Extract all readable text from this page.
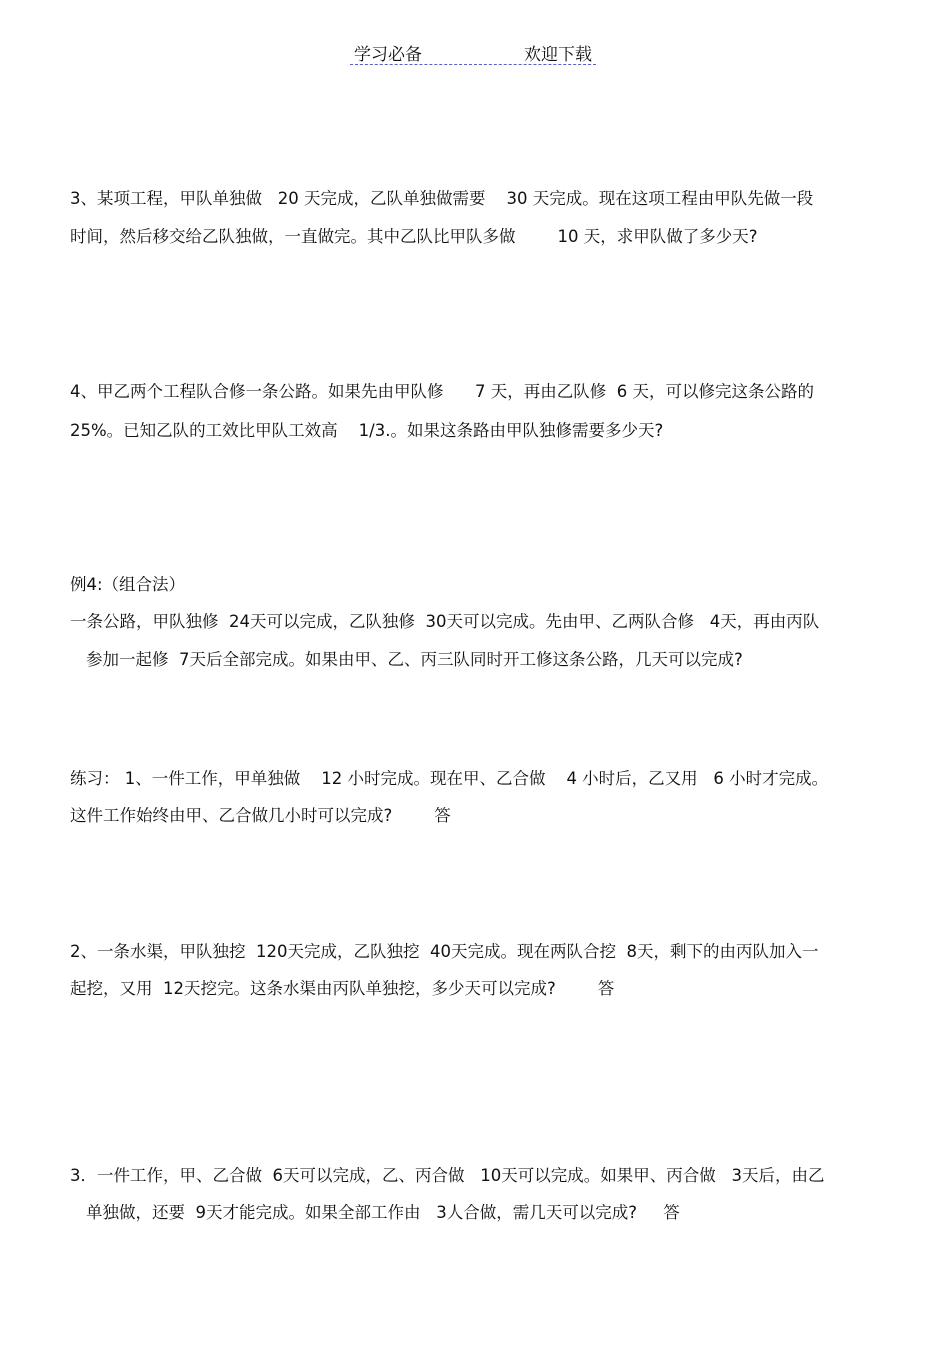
学习必备	欢迎下载
3、某项工程，甲队单独做   20 天完成，乙队单独做需要    30 天完成。现在这项工程由甲队先做一段
时间，然后移交给乙队独做，一直做完。其中乙队比甲队多做        10 天，求甲队做了多少天?
4、甲乙两个工程队合修一条公路。如果先由甲队修      7 天，再由乙队修  6 天，可以修完这条公路的
25%。已知乙队的工效比甲队工效高    1/3.。如果这条路由甲队独修需要多少天?
例4:（组合法）
一条公路，甲队独修  24天可以完成，乙队独修  30天可以完成。先由甲、乙两队合修   4天，再由丙队
参加一起修  7天后全部完成。如果由甲、乙、丙三队同时开工修这条公路，几天可以完成?
练习： 1、一件工作，甲单独做    12 小时完成。现在甲、乙合做    4 小时后，乙又用   6 小时才完成。
这件工作始终由甲、乙合做几小时可以完成?        答
2、一条水渠，甲队独挖  120天完成，乙队独挖  40天完成。现在两队合挖  8天，剩下的由丙队加入一
起挖，又用  12天挖完。这条水渠由丙队单独挖，多少天可以完成?        答
3．一件工作，甲、乙合做  6天可以完成，乙、丙合做   10天可以完成。如果甲、丙合做   3天后，由乙
单独做，还要  9天才能完成。如果全部工作由   3人合做，需几天可以完成?     答
